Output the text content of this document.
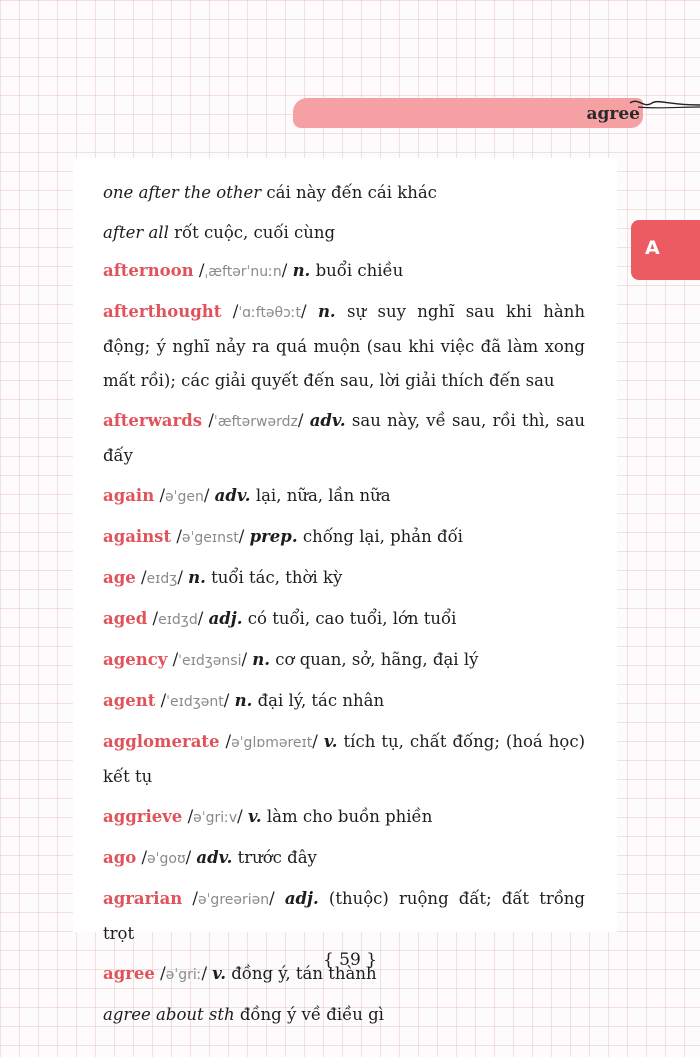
agree
A

one after the other cái này đến cái khác

after all rốt cuộc, cuối cùng

afternoon /ˌæftərˈnuːn/ n. buổi chiều

afterthought /ˈɑːftəθɔːt/ n. sự suy nghĩ sau khi hành động; ý nghĩ nảy ra quá muộn (sau khi việc đã làm xong mất rồi); các giải quyết đến sau, lời giải thích đến sau

afterwards /ˈæftərwərdz/ adv. sau này, về sau, rồi thì, sau đấy

again /əˈgen/ adv. lại, nữa, lần nữa

against /əˈgeɪnst/ prep. chống lại, phản đối

age /eɪdʒ/ n. tuổi tác, thời kỳ

aged /eɪdʒd/ adj. có tuổi, cao tuổi, lớn tuổi

agency /ˈeɪdʒənsi/ n. cơ quan, sở, hãng, đại lý

agent /ˈeɪdʒənt/ n. đại lý, tác nhân

agglomerate /əˈglɒməreɪt/ v. tích tụ, chất đống; (hoá học) kết tụ

aggrieve /əˈgriːv/ v. làm cho buồn phiền

ago /əˈgoʊ/ adv. trước đây

agrarian /əˈgreəriən/ adj. (thuộc) ruộng đất; đất trồng trọt

agree /əˈgriː/ v. đồng ý, tán thành

agree about sth đồng ý về điều gì

{ 59 }
